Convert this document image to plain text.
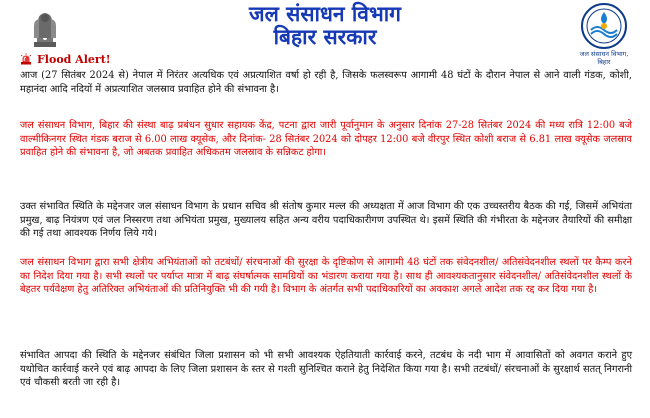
जल संसाधन विभाग
बिहार सरकार
जल संसाधन विभाग,
बिहार
Flood Alert!
आज (27 सितंबर 2024 से) नेपाल में निरंतर अत्यधिक एवं अप्रत्याशित वर्षा हो रही है, जिसके फलस्वरूप आगामी 48 घंटों के दौरान नेपाल से आने वाली गंडक, कोशी, महानंदा आदि नदियों में अप्रत्याशित जलस्राव प्रवाहित होने की संभावना है।
जल संसाधन विभाग, बिहार की संस्था बाढ़ प्रबंधन सुधार सहायक केंद्र, पटना द्वारा जारी पूर्वानुमान के अनुसार दिनांक 27-28 सितंबर 2024 की मध्य रात्रि 12:00 बजे वाल्मीकिनगर स्थित गंडक बराज से 6.00 लाख क्यूसेक, और दिनांक- 28 सितंबर 2024 को दोपहर 12:00 बजे वीरपुर स्थित कोशी बराज से 6.81 लाख क्यूसेक जलस्राव प्रवाहित होने की संभावना है, जो अबतक प्रवाहित अधिकतम जलस्राव के सन्निकट होगा।
उक्त संभावित स्थिति के मद्देनजर जल संसाधन विभाग के प्रधान सचिव श्री संतोष कुमार मल्ल की अध्यक्षता में आज विभाग की एक उच्चस्तरीय बैठक की गई, जिसमें अभियंता प्रमुख, बाढ़ नियंत्रण एवं जल निस्सरण तथा अभियंता प्रमुख, मुख्यालय सहित अन्य वरीय पदाधिकारीगण उपस्थित थे। इसमें स्थिति की गंभीरता के मद्देनजर तैयारियों की समीक्षा की गई तथा आवश्यक निर्णय लिये गये।
जल संसाधन विभाग द्वारा सभी क्षेत्रीय अभियंताओं को तटबंधों/ संरचनाओं की सुरक्षा के दृष्टिकोण से आगामी 48 घंटों तक संवेदनशील/ अतिसंवेदनशील स्थलों पर कैम्प करने का निदेश दिया गया है। सभी स्थलों पर पर्याप्त मात्रा में बाढ़ संघर्षात्मक सामग्रियों का भंडारण कराया गया है। साथ ही आवश्यकतानुसार संवेदनशील/ अतिसंवेदनशील स्थलों के बेहतर पर्यवेक्षण हेतु अतिरिक्त अभियंताओं की प्रतिनियुक्ति भी की गयी है। विभाग के अंतर्गत सभी पदाधिकारियों का अवकाश अगले आदेश तक रद्द कर दिया गया है।
संभावित आपदा की स्थिति के मद्देनजर संबंधित जिला प्रशासन को भी सभी आवश्यक ऐहतियाती कार्रवाई करने, तटबंध के नदी भाग में आवासितों को अवगत कराने हुए यथोचित कार्रवाई करने एवं बाढ़ आपदा के लिए जिला प्रशासन के स्तर से गश्ती सुनिश्चित कराने हेतु निदेशित किया गया है। सभी तटबंधों/ संरचनाओं के सुरक्षार्थ सतत् निगरानी एवं चौकसी बरती जा रही है।
